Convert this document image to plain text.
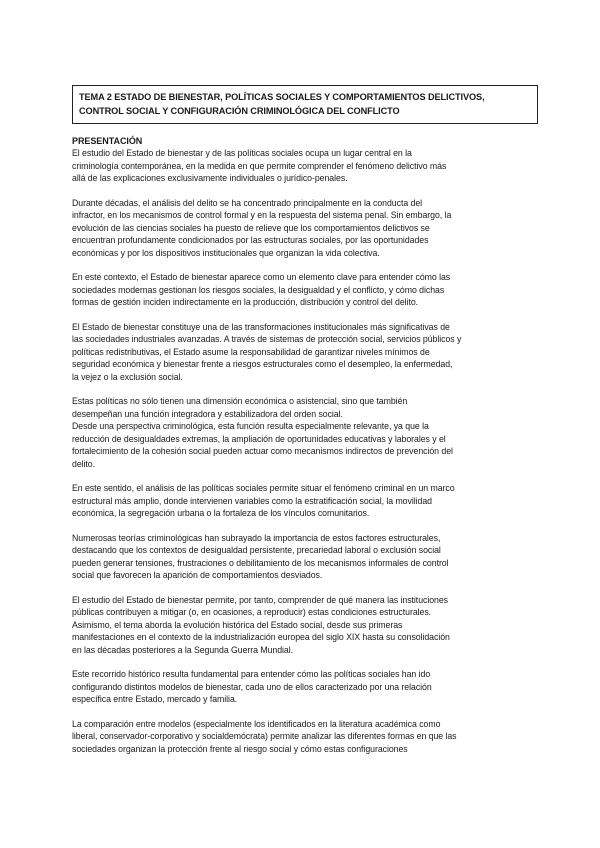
TEMA 2 ESTADO DE BIENESTAR, POLÍTICAS SOCIALES Y COMPORTAMIENTOS DELICTIVOS,
CONTROL SOCIAL Y CONFIGURACIÓN CRIMINOLÓGICA DEL CONFLICTO
PRESENTACIÓN
El estudio del Estado de bienestar y de las políticas sociales ocupa un lugar central en la
criminología contemporánea, en la medida en que permite comprender el fenómeno delictivo más
allá de las explicaciones exclusivamente individuales o jurídico-penales.
Durante décadas, el análisis del delito se ha concentrado principalmente en la conducta del
infractor, en los mecanismos de control formal y en la respuesta del sistema penal. Sin embargo, la
evolución de las ciencias sociales ha puesto de relieve que los comportamientos delictivos se
encuentran profundamente condicionados por las estructuras sociales, por las oportunidades
económicas y por los dispositivos institucionales que organizan la vida colectiva.
En este contexto, el Estado de bienestar aparece como un elemento clave para entender cómo las
sociedades modernas gestionan los riesgos sociales, la desigualdad y el conflicto, y cómo dichas
formas de gestión inciden indirectamente en la producción, distribución y control del delito.
El Estado de bienestar constituye una de las transformaciones institucionales más significativas de
las sociedades industriales avanzadas. A través de sistemas de protección social, servicios públicos y
políticas redistributivas, el Estado asume la responsabilidad de garantizar niveles mínimos de
seguridad económica y bienestar frente a riesgos estructurales como el desempleo, la enfermedad,
la vejez o la exclusión social.
Estas políticas no sólo tienen una dimensión económica o asistencial, sino que también
desempeñan una función integradora y estabilizadora del orden social.
Desde una perspectiva criminológica, esta función resulta especialmente relevante, ya que la
reducción de desigualdades extremas, la ampliación de oportunidades educativas y laborales y el
fortalecimiento de la cohesión social pueden actuar como mecanismos indirectos de prevención del
delito.
En este sentido, el análisis de las políticas sociales permite situar el fenómeno criminal en un marco
estructural más amplio, donde intervienen variables como la estratificación social, la movilidad
económica, la segregación urbana o la fortaleza de los vínculos comunitarios.
Numerosas teorías criminológicas han subrayado la importancia de estos factores estructurales,
destacando que los contextos de desigualdad persistente, precariedad laboral o exclusión social
pueden generar tensiones, frustraciones o debilitamiento de los mecanismos informales de control
social que favorecen la aparición de comportamientos desviados.
El estudio del Estado de bienestar permite, por tanto, comprender de qué manera las instituciones
públicas contribuyen a mitigar (o, en ocasiones, a reproducir) estas condiciones estructurales.
Asimismo, el tema aborda la evolución histórica del Estado social, desde sus primeras
manifestaciones en el contexto de la industrialización europea del siglo XIX hasta su consolidación
en las décadas posteriores a la Segunda Guerra Mundial.
Este recorrido histórico resulta fundamental para entender cómo las políticas sociales han ido
configurando distintos modelos de bienestar, cada uno de ellos caracterizado por una relación
específica entre Estado, mercado y familia.
La comparación entre modelos (especialmente los identificados en la literatura académica como
liberal, conservador-corporativo y socialdemócrata) permite analizar las diferentes formas en que las
sociedades organizan la protección frente al riesgo social y cómo estas configuraciones
